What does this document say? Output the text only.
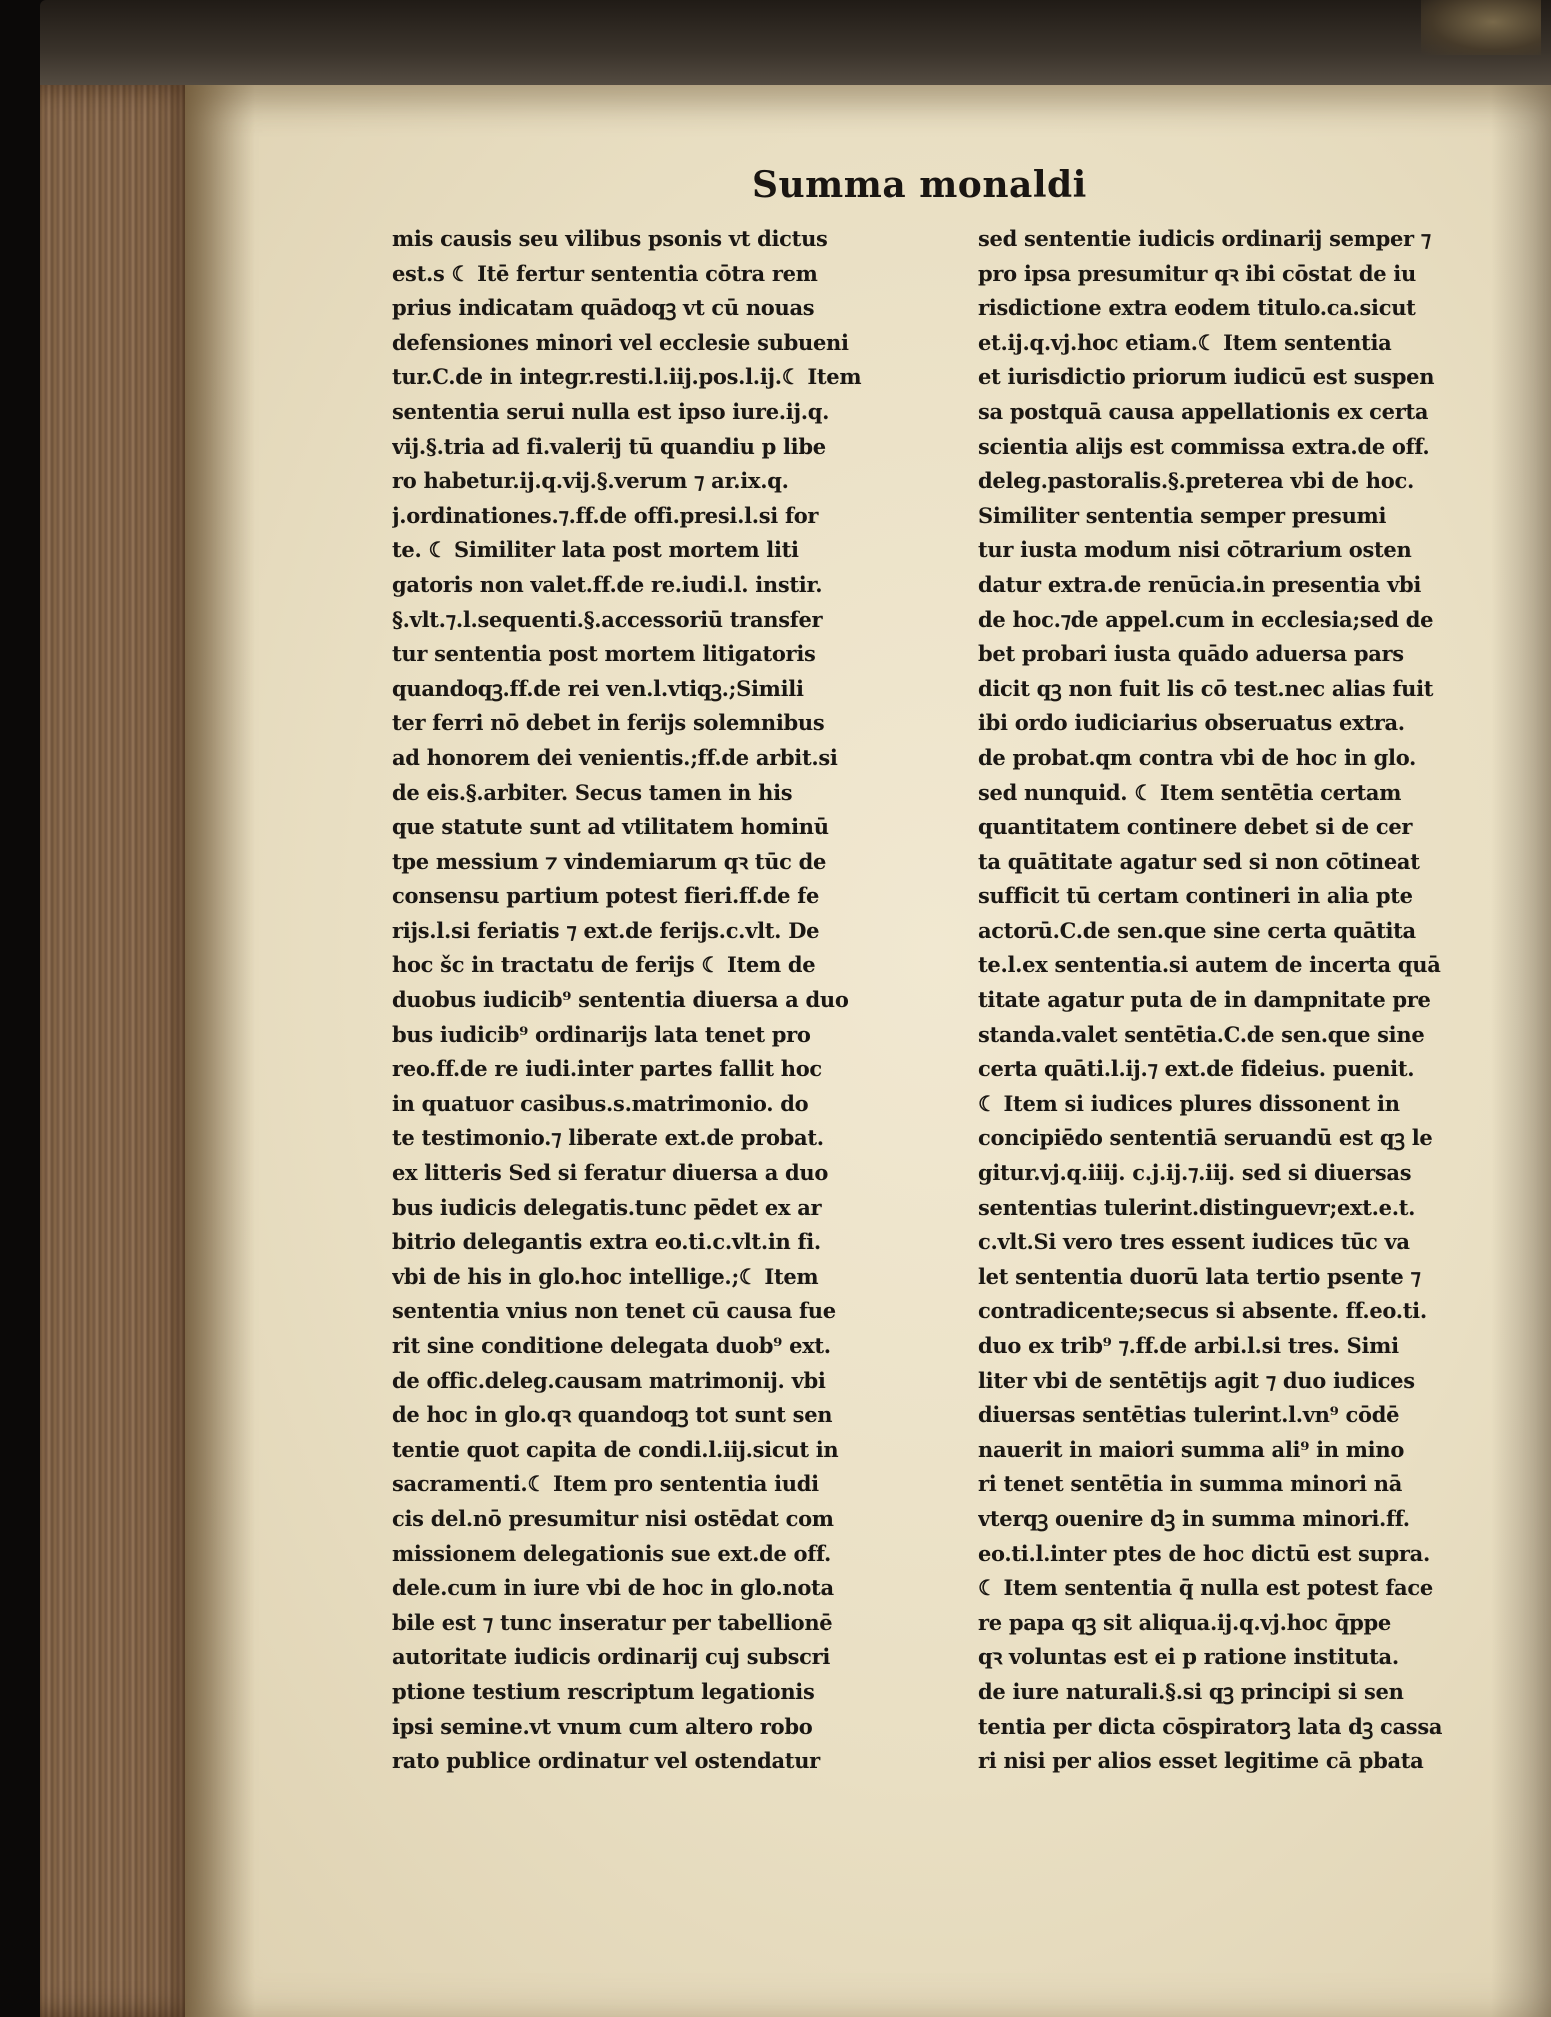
Summa monaldi
mis causis seu vilibus psonis vt dictus
est.s ☾ Itē fertur sententia cōtra rem
prius indicatam quādoqꝫ vt cū nouas
defensiones minori vel ecclesie subueni
tur.C.de in integr.resti.l.iij.pos.l.ij.☾ Item
sententia serui nulla est ipso iure.ij.q.
vij.§.tria ad fi.valerij tū quandiu p libe
ro habetur.ij.q.vij.§.verum ⁊ ar.ix.q.
j.ordinationes.⁊.ff.de offi.presi.l.si for
te. ☾ Similiter lata post mortem liti
gatoris non valet.ff.de re.iudi.l. instir.
§.vlt.⁊.l.sequenti.§.accessoriū transfer
tur sententia post mortem litigatoris
quandoqꝫ.ff.de rei ven.l.vtiqꝫ.;Simili
ter ferri nō debet in ferijs solemnibus
ad honorem dei venientis.;ff.de arbit.si
de eis.§.arbiter. Secus tamen in his
que statute sunt ad vtilitatem hominū
tpe messium ⁊ vindemiarum qꝛ tūc de
consensu partium potest fieri.ff.de fe
rijs.l.si feriatis ⁊ ext.de ferijs.c.vlt. De
hoc šc in tractatu de ferijs ☾ Item de
duobus iudicib⁹ sententia diuersa a duo
bus iudicib⁹ ordinarijs lata tenet pro
reo.ff.de re iudi.inter partes fallit hoc
in quatuor casibus.s.matrimonio. do
te testimonio.⁊ liberate ext.de probat.
ex litteris Sed si feratur diuersa a duo
bus iudicis delegatis.tunc pēdet ex ar
bitrio delegantis extra eo.ti.c.vlt.in fi.
vbi de his in glo.hoc intellige.;☾ Item
sententia vnius non tenet cū causa fue
rit sine conditione delegata duob⁹ ext.
de offic.deleg.causam matrimonij. vbi
de hoc in glo.qꝛ quandoqꝫ tot sunt sen
tentie quot capita de condi.l.iij.sicut in
sacramenti.☾ Item pro sententia iudi
cis del.nō presumitur nisi ostēdat com
missionem delegationis sue ext.de off.
dele.cum in iure vbi de hoc in glo.nota
bile est ⁊ tunc inseratur per tabellionē
autoritate iudicis ordinarij cuj subscri
ptione testium rescriptum legationis
ipsi semine.vt vnum cum altero robo
rato publice ordinatur vel ostendatur
sed sententie iudicis ordinarij semper ⁊
pro ipsa presumitur qꝛ ibi cōstat de iu
risdictione extra eodem titulo.ca.sicut
et.ij.q.vj.hoc etiam.☾ Item sententia
et iurisdictio priorum iudicū est suspen
sa postquā causa appellationis ex certa
scientia alijs est commissa extra.de off.
deleg.pastoralis.§.preterea vbi de hoc.
Similiter sententia semper presumi
tur iusta modum nisi cōtrarium osten
datur extra.de renūcia.in presentia vbi
de hoc.⁊de appel.cum in ecclesia;sed de
bet probari iusta quādo aduersa pars
dicit qꝫ non fuit lis cō test.nec alias fuit
ibi ordo iudiciarius obseruatus extra.
de probat.qm contra vbi de hoc in glo.
sed nunquid. ☾ Item sentētia certam
quantitatem continere debet si de cer
ta quātitate agatur sed si non cōtineat
sufficit tū certam contineri in alia pte
actorū.C.de sen.que sine certa quātita
te.l.ex sententia.si autem de incerta quā
titate agatur puta de in dampnitate pre
standa.valet sentētia.C.de sen.que sine
certa quāti.l.ij.⁊ ext.de fideius. puenit.
☾ Item si iudices plures dissonent in
concipiēdo sententiā seruandū est qꝫ le
gitur.vj.q.iiij. c.j.ij.⁊.iij. sed si diuersas
sententias tulerint.distinguevr;ext.e.t.
c.vlt.Si vero tres essent iudices tūc va
let sententia duorū lata tertio psente ⁊
contradicente;secus si absente. ff.eo.ti.
duo ex trib⁹ ⁊.ff.de arbi.l.si tres. Simi
liter vbi de sentētijs agit ⁊ duo iudices
diuersas sentētias tulerint.l.vn⁹ cōdē
nauerit in maiori summa ali⁹ in mino
ri tenet sentētia in summa minori nā
vterqꝫ ouenire dꝫ in summa minori.ff.
eo.ti.l.inter ptes de hoc dictū est supra.
☾ Item sententia q̄ nulla est potest face
re papa qꝫ sit aliqua.ij.q.vj.hoc q̄ppe
qꝛ voluntas est ei p ratione instituta.
de iure naturali.§.si qꝫ principi si sen
tentia per dicta cōspiratorꝫ lata dꝫ cassa
ri nisi per alios esset legitime cā pbata
